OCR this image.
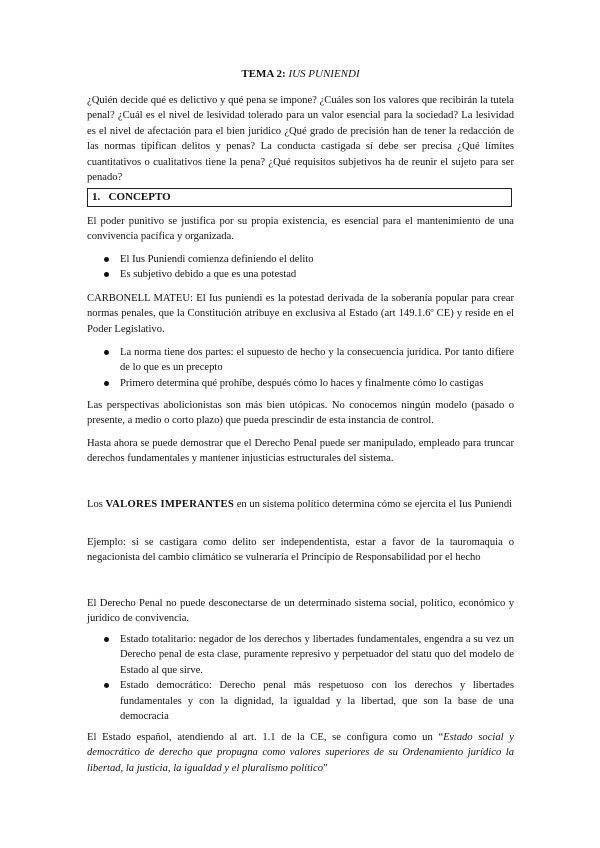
TEMA 2: IUS PUNIENDI

¿Quién decide qué es delictivo y qué pena se impone? ¿Cuáles son los valores que recibirán la tutela penal? ¿Cuál es el nivel de lesividad tolerado para un valor esencial para la sociedad? La lesividad es el nivel de afectación para el bien jurídico ¿Qué grado de precisión han de tener la redacción de las normas tipifican delitos y penas? La conducta castigada sí debe ser precisa ¿Qué límites cuantitativos o cualitativos tiene la pena? ¿Qué requisitos subjetivos ha de reunir el sujeto para ser penado?

1. CONCEPTO

El poder punitivo se justifica por su propia existencia, es esencial para el mantenimiento de una convivencia pacífica y organizada.

El Ius Puniendi comienza definiendo el delito
Es subjetivo debido a que es una potestad

CARBONELL MATEU: El Ius puniendi es la potestad derivada de la soberanía popular para crear normas penales, que la Constitución atribuye en exclusiva al Estado (art 149.1.6º CE) y reside en el Poder Legislativo.

La norma tiene dos partes: el supuesto de hecho y la consecuencia jurídica. Por tanto difiere de lo que es un precepto
Primero determina qué prohíbe, después cómo lo haces y finalmente cómo lo castigas

Las perspectivas abolicionistas son más bien utópicas. No conocemos ningún modelo (pasado o presente, a medio o corto plazo) que pueda prescindir de esta instancia de control.

Hasta ahora se puede demostrar que el Derecho Penal puede ser manipulado, empleado para truncar derechos fundamentales y mantener injusticias estructurales del sistema.

Los VALORES IMPERANTES en un sistema político determina cómo se ejercita el Ius Puniendi

Ejemplo: si se castigara como delito ser independentista, estar a favor de la tauromaquia o negacionista del cambio climático se vulneraría el Principio de Responsabilidad por el hecho

El Derecho Penal no puede desconectarse de un determinado sistema social, político, económico y jurídico de convivencia.

Estado totalitario: negador de los derechos y libertades fundamentales, engendra a su vez un Derecho penal de esta clase, puramente represivo y perpetuador del statu quo del modelo de Estado al que sirve.
Estado democrático: Derecho penal más respetuoso con los derechos y libertades fundamentales y con la dignidad, la igualdad y la libertad, que son la base de una democracia

El Estado español, atendiendo al art. 1.1 de la CE, se configura como un “Estado social y democrático de derecho que propugna como valores superiores de su Ordenamiento jurídico la libertad, la justicia, la igualdad y el pluralismo político”
